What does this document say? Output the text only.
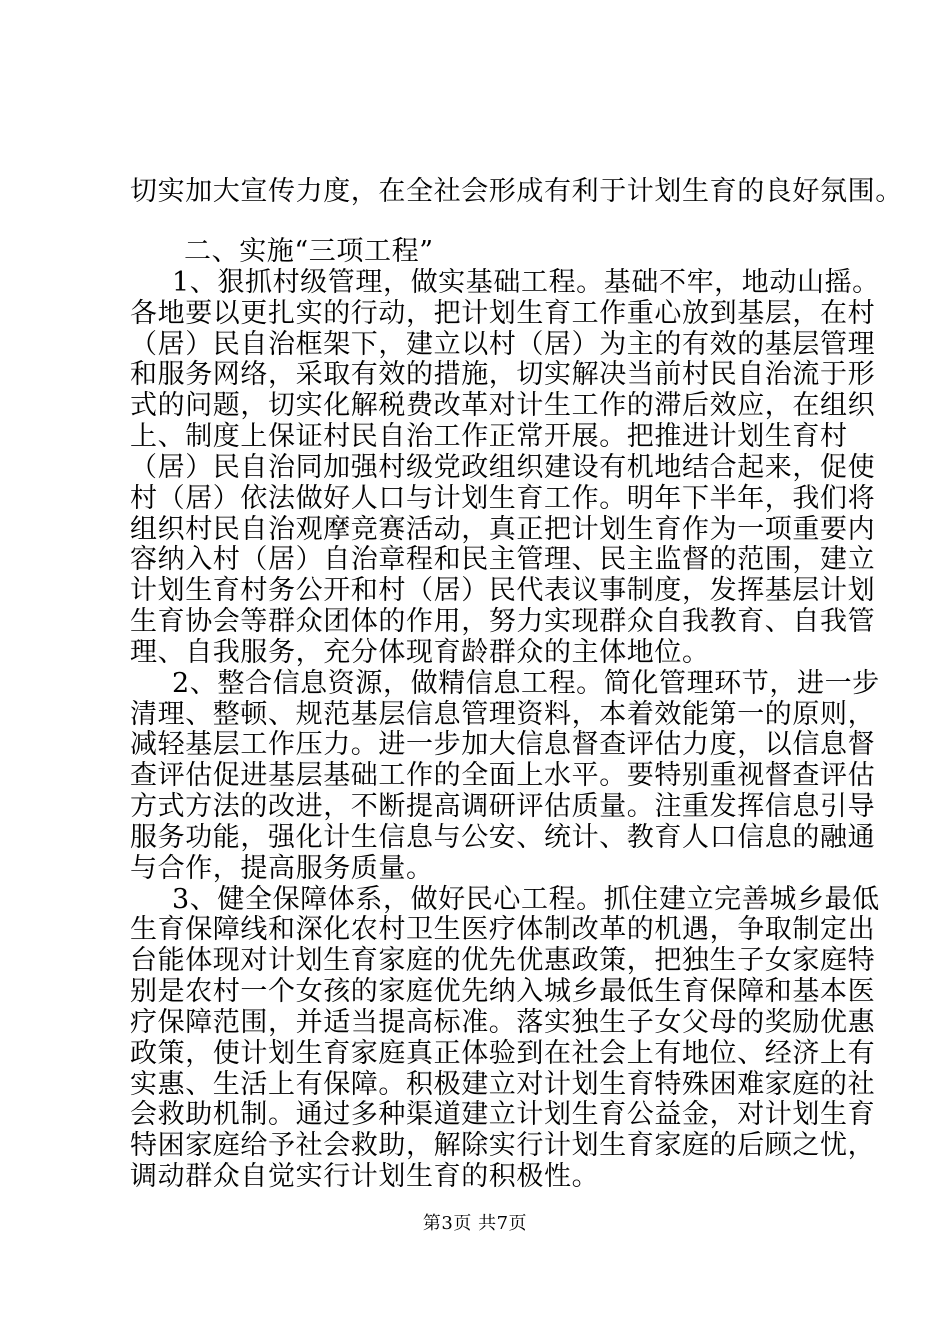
切实加大宣传力度，在全社会形成有利于计划生育的良好氛围。
二、实施“三项工程”
1、狠抓村级管理，做实基础工程。基础不牢，地动山摇。
各地要以更扎实的行动，把计划生育工作重心放到基层，在村
（居）民自治框架下，建立以村（居）为主的有效的基层管理
和服务网络，采取有效的措施，切实解决当前村民自治流于形
式的问题，切实化解税费改革对计生工作的滞后效应，在组织
上、制度上保证村民自治工作正常开展。把推进计划生育村
（居）民自治同加强村级党政组织建设有机地结合起来，促使
村（居）依法做好人口与计划生育工作。明年下半年，我们将
组织村民自治观摩竞赛活动，真正把计划生育作为一项重要内
容纳入村（居）自治章程和民主管理、民主监督的范围，建立
计划生育村务公开和村（居）民代表议事制度，发挥基层计划
生育协会等群众团体的作用，努力实现群众自我教育、自我管
理、自我服务，充分体现育龄群众的主体地位。
2、整合信息资源，做精信息工程。简化管理环节，进一步
清理、整顿、规范基层信息管理资料，本着效能第一的原则，
减轻基层工作压力。进一步加大信息督查评估力度，以信息督
查评估促进基层基础工作的全面上水平。要特别重视督查评估
方式方法的改进，不断提高调研评估质量。注重发挥信息引导
服务功能，强化计生信息与公安、统计、教育人口信息的融通
与合作，提高服务质量。
3、健全保障体系，做好民心工程。抓住建立完善城乡最低
生育保障线和深化农村卫生医疗体制改革的机遇，争取制定出
台能体现对计划生育家庭的优先优惠政策，把独生子女家庭特
别是农村一个女孩的家庭优先纳入城乡最低生育保障和基本医
疗保障范围，并适当提高标准。落实独生子女父母的奖励优惠
政策，使计划生育家庭真正体验到在社会上有地位、经济上有
实惠、生活上有保障。积极建立对计划生育特殊困难家庭的社
会救助机制。通过多种渠道建立计划生育公益金，对计划生育
特困家庭给予社会救助，解除实行计划生育家庭的后顾之忧，
调动群众自觉实行计划生育的积极性。
第3页 共7页
